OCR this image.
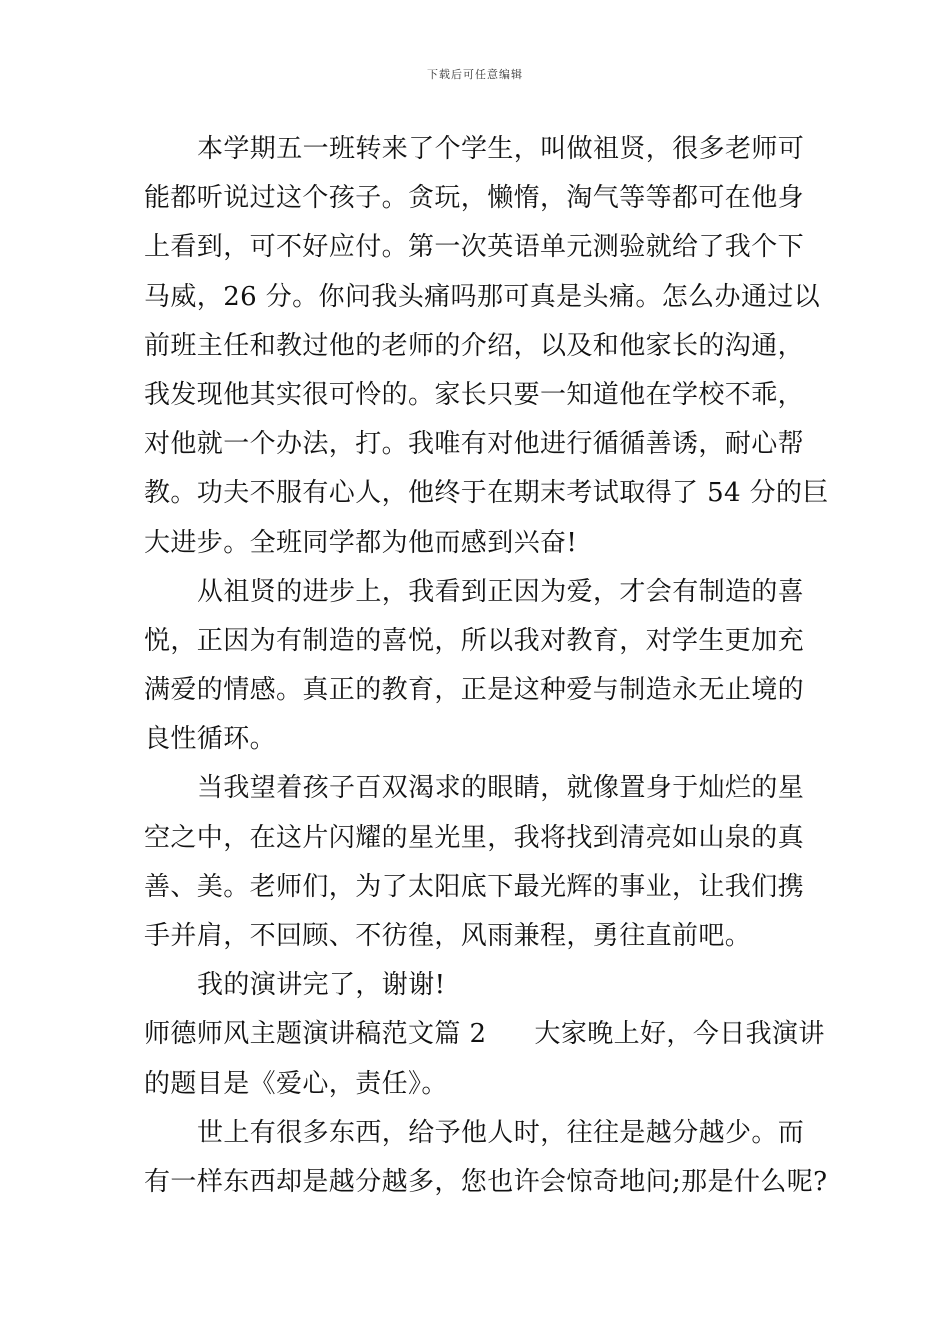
下载后可任意编辑
本学期五一班转来了个学生，叫做祖贤，很多老师可
能都听说过这个孩子。贪玩，懒惰，淘气等等都可在他身
上看到，可不好应付。第一次英语单元测验就给了我个下
马威，26 分。你问我头痛吗那可真是头痛。怎么办通过以
前班主任和教过他的老师的介绍，以及和他家长的沟通，
我发现他其实很可怜的。家长只要一知道他在学校不乖，
对他就一个办法，打。我唯有对他进行循循善诱，耐心帮
教。功夫不服有心人，他终于在期末考试取得了 54 分的巨
大进步。全班同学都为他而感到兴奋!
从祖贤的进步上，我看到正因为爱，才会有制造的喜
悦，正因为有制造的喜悦，所以我对教育，对学生更加充
满爱的情感。真正的教育，正是这种爱与制造永无止境的
良性循环。
当我望着孩子百双渴求的眼睛，就像置身于灿烂的星
空之中，在这片闪耀的星光里，我将找到清亮如山泉的真
善、美。老师们，为了太阳底下最光辉的事业，让我们携
手并肩，不回顾、不彷徨，风雨兼程，勇往直前吧。
我的演讲完了，谢谢!
师德师风主题演讲稿范文篇 2 大家晚上好，今日我演讲
的题目是《爱心，责任》。
世上有很多东西，给予他人时，往往是越分越少。而
有一样东西却是越分越多，您也许会惊奇地问;那是什么呢?
